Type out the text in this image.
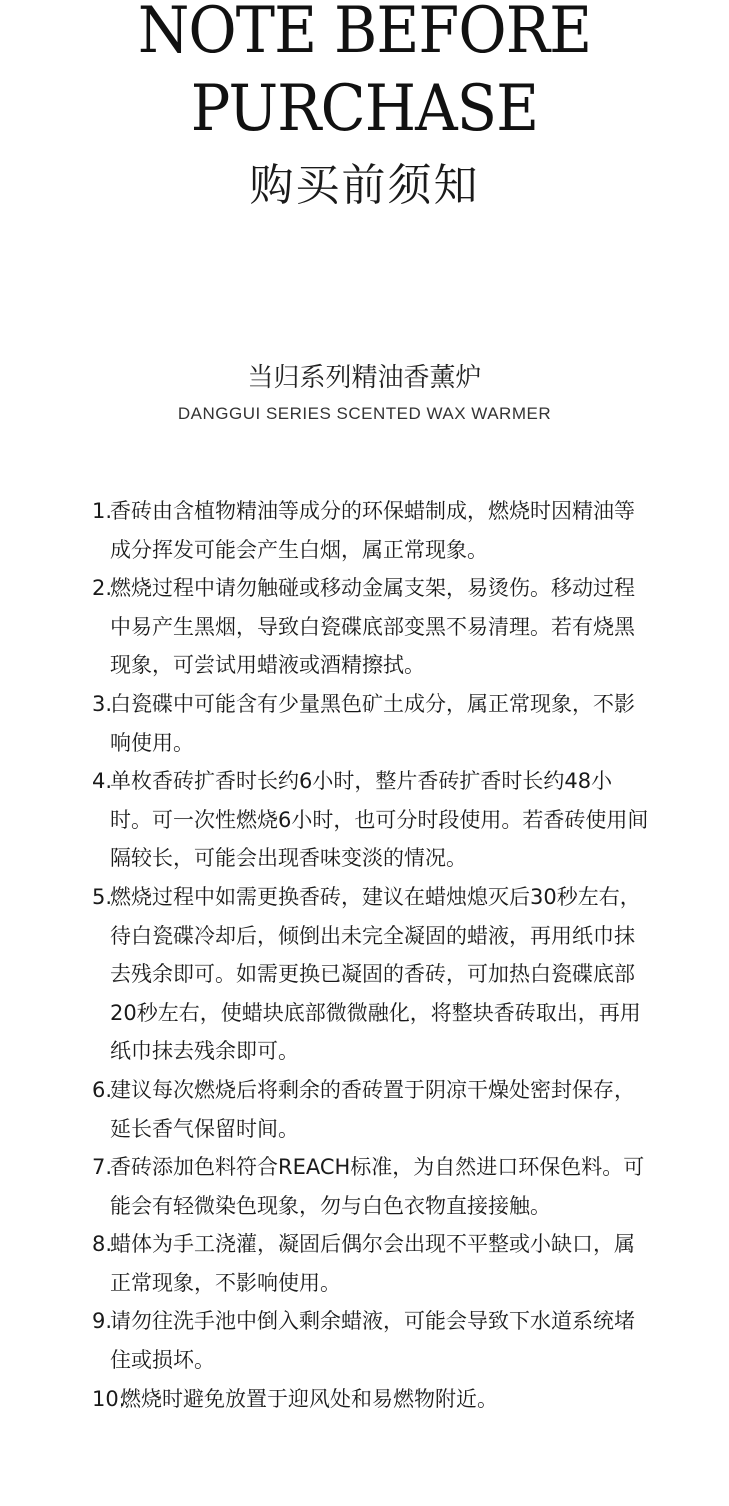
NOTE BEFORE
PURCHASE
购买前须知
当归系列精油香薰炉
DANGGUI SERIES SCENTED WAX WARMER
1.
香砖由含植物精油等成分的环保蜡制成，燃烧时因精油等成分挥发可能会产生白烟，属正常现象。
2.
燃烧过程中请勿触碰或移动金属支架，易烫伤。移动过程中易产生黑烟，导致白瓷碟底部变黑不易清理。若有烧黑现象，可尝试用蜡液或酒精擦拭。
3.
白瓷碟中可能含有少量黑色矿土成分，属正常现象，不影响使用。
4.
单枚香砖扩香时长约6小时，整片香砖扩香时长约48小时。可一次性燃烧6小时，也可分时段使用。若香砖使用间隔较长，可能会出现香味变淡的情况。
5.
燃烧过程中如需更换香砖，建议在蜡烛熄灭后30秒左右，待白瓷碟冷却后，倾倒出未完全凝固的蜡液，再用纸巾抹去残余即可。如需更换已凝固的香砖，可加热白瓷碟底部20秒左右，使蜡块底部微微融化，将整块香砖取出，再用纸巾抹去残余即可。
6.
建议每次燃烧后将剩余的香砖置于阴凉干燥处密封保存，延长香气保留时间。
7.
香砖添加色料符合REACH标准，为自然进口环保色料。可能会有轻微染色现象，勿与白色衣物直接接触。
8.
蜡体为手工浇灌，凝固后偶尔会出现不平整或小缺口，属正常现象，不影响使用。
9.
请勿往洗手池中倒入剩余蜡液，可能会导致下水道系统堵住或损坏。
10.
燃烧时避免放置于迎风处和易燃物附近。
